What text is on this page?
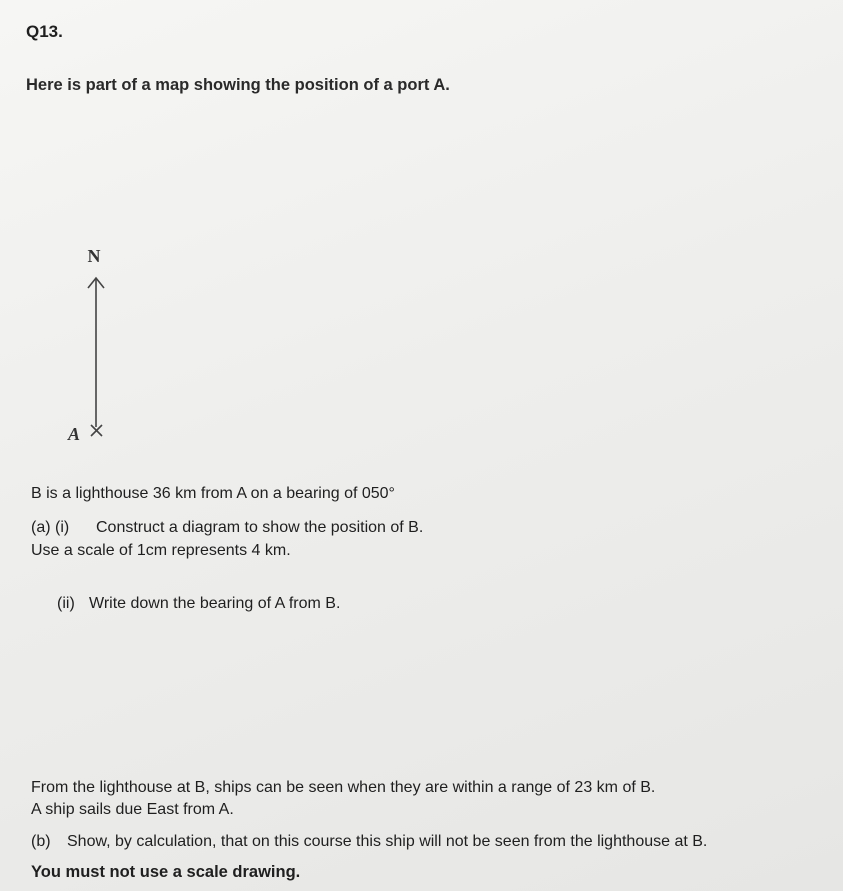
Q13.
Here is part of a map showing the position of a port A.
N
A
B is a lighthouse 36 km from A on a bearing of 050°
(a) (i) Construct a diagram to show the position of B.
Use a scale of 1cm represents 4 km.
(ii) Write down the bearing of A from B.
From the lighthouse at B, ships can be seen when they are within a range of 23 km of B.
A ship sails due East from A.
(b) Show, by calculation, that on this course this ship will not be seen from the lighthouse at B.
You must not use a scale drawing.
